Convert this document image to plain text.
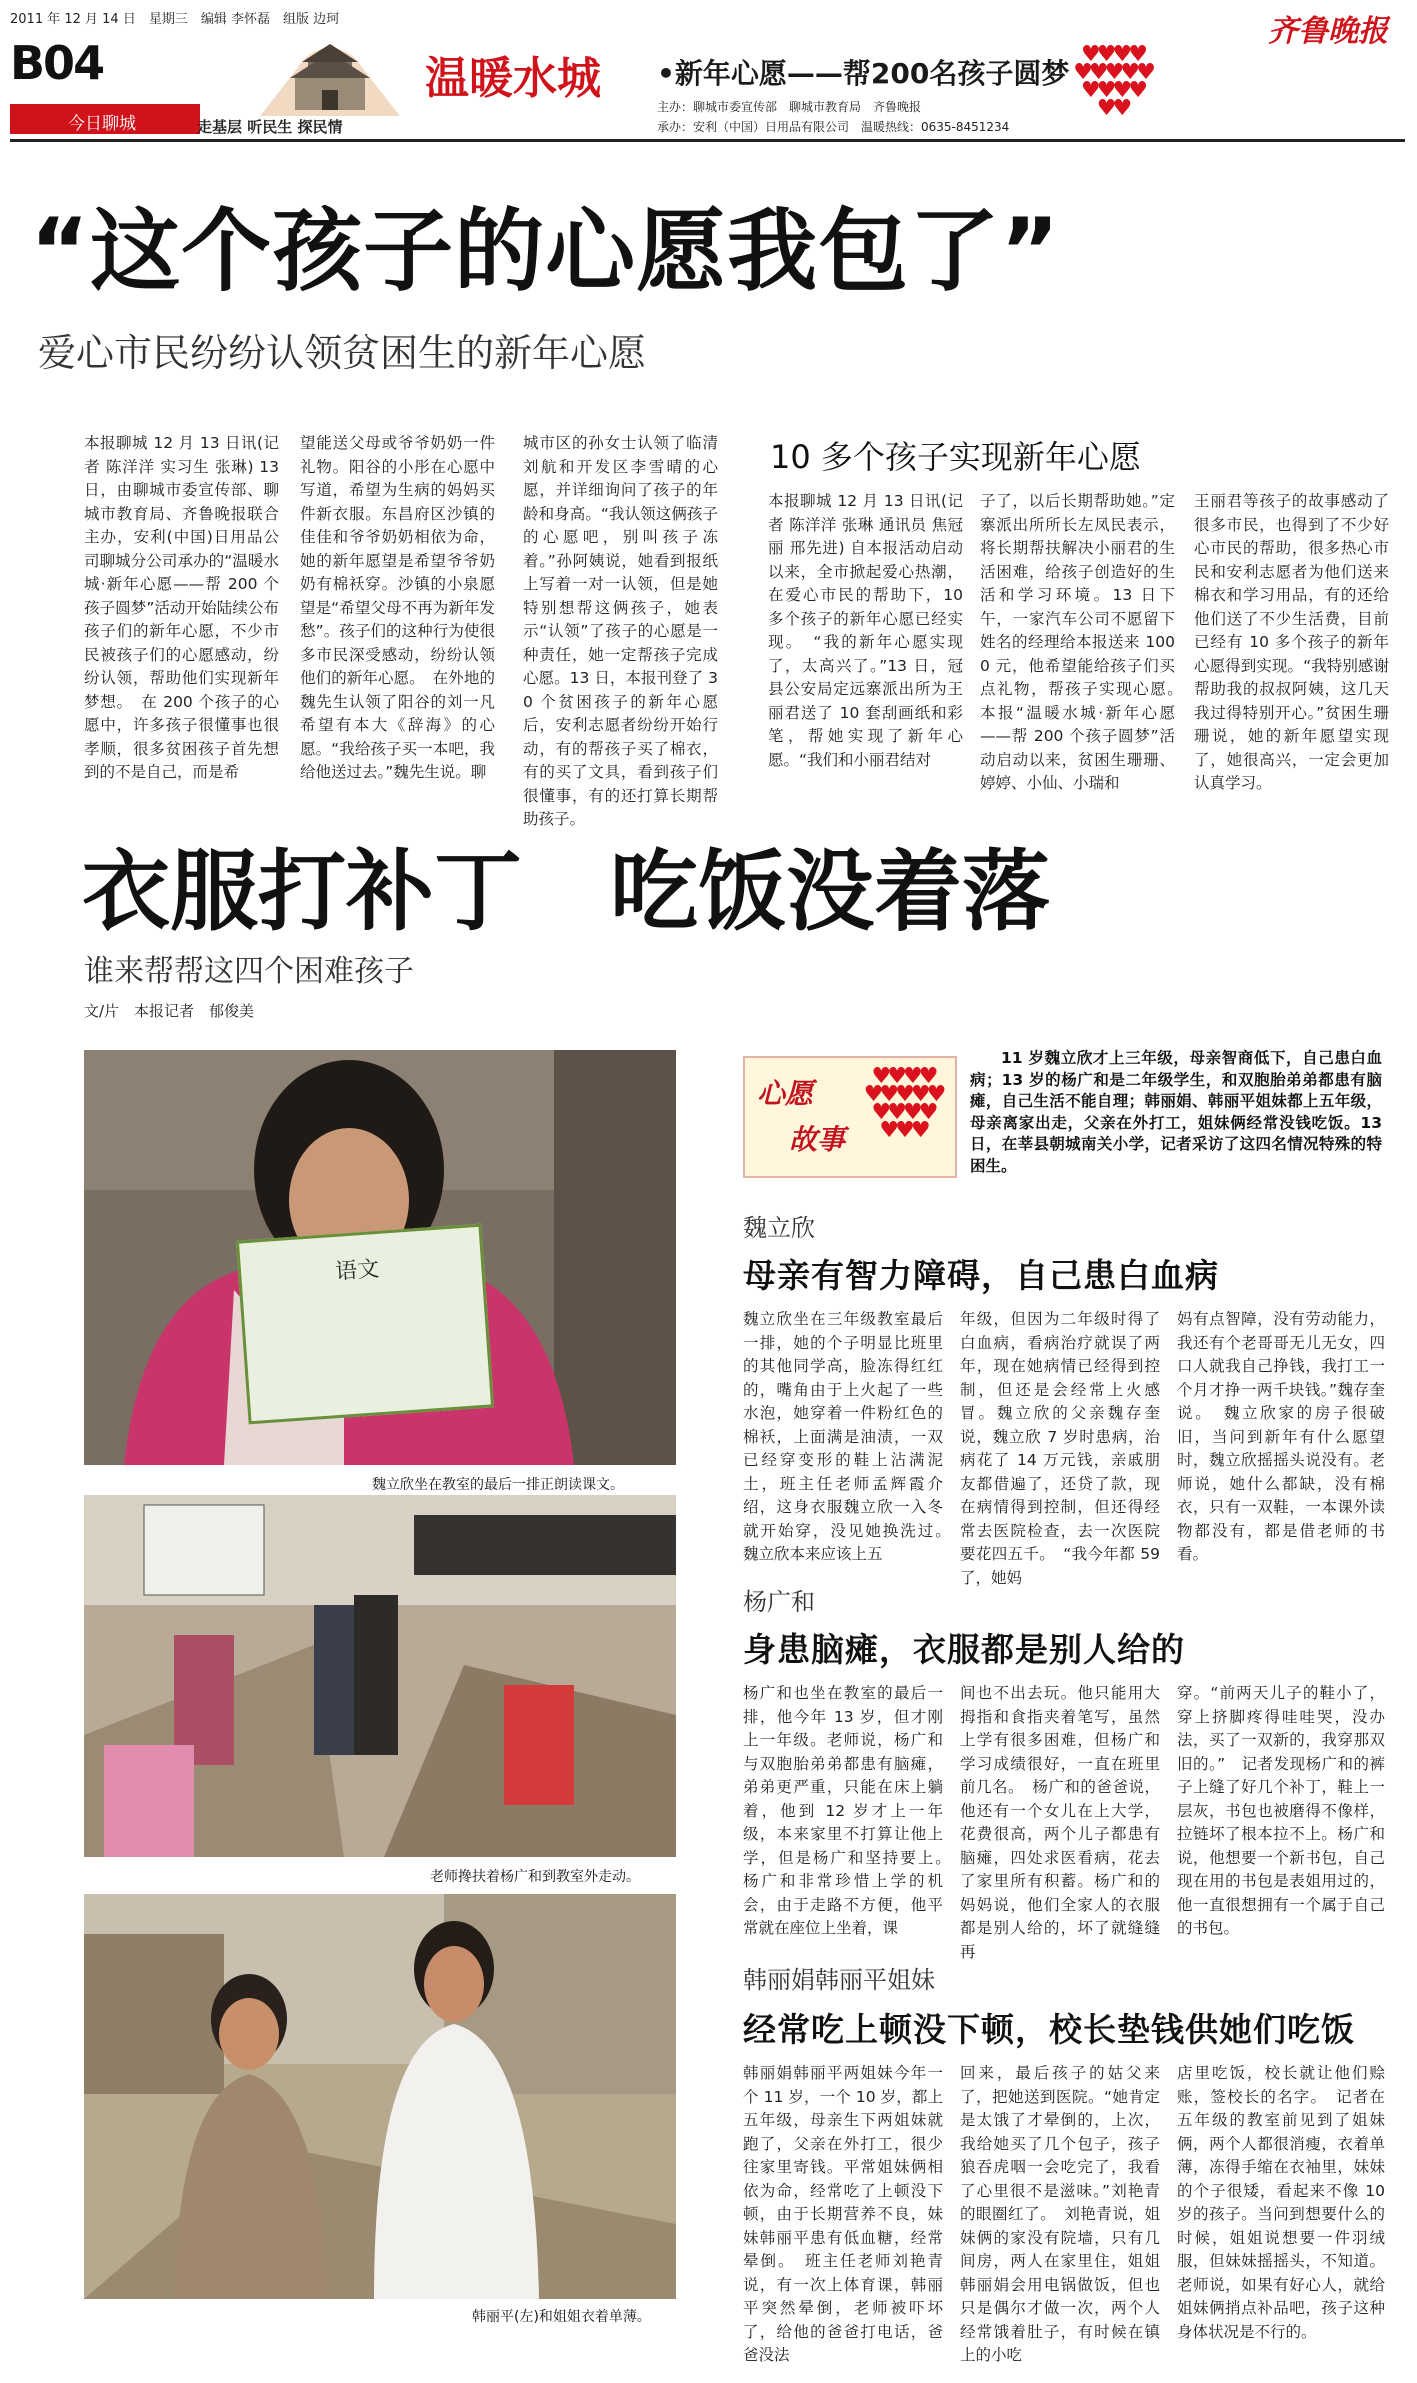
2011 年 12 月 14 日　星期三　编辑 李怀磊　组版 边珂	齐鲁晚报
B04
今日聊城	走基层 听民生 探民情
温暖水城 •新年心愿——帮200名孩子圆梦
主办：聊城市委宣传部　聊城市教育局　齐鲁晚报
承办：安利（中国）日用品有限公司　温暖热线：0635-8451234
♥♥♥♥
♥♥♥♥♥
♥♥♥♥
♥♥
“这个孩子的心愿我包了”
爱心市民纷纷认领贫困生的新年心愿
本报聊城 12 月 13 日讯(记者 陈洋洋 实习生 张琳) 13 日，由聊城市委宣传部、聊城市教育局、齐鲁晚报联合主办，安利(中国)日用品公司聊城分公司承办的“温暖水城·新年心愿——帮 200 个孩子圆梦”活动开始陆续公布孩子们的新年心愿，不少市民被孩子们的心愿感动，纷纷认领，帮助他们实现新年梦想。　在 200 个孩子的心愿中，许多孩子很懂事也很孝顺，很多贫困孩子首先想到的不是自己，而是希
望能送父母或爷爷奶奶一件礼物。阳谷的小彤在心愿中写道，希望为生病的妈妈买件新衣服。东昌府区沙镇的佳佳和爷爷奶奶相依为命，她的新年愿望是希望爷爷奶奶有棉袄穿。沙镇的小泉愿望是“希望父母不再为新年发愁”。孩子们的这种行为使很多市民深受感动，纷纷认领他们的新年心愿。　在外地的魏先生认领了阳谷的刘一凡希望有本大《辞海》的心愿。“我给孩子买一本吧，我给他送过去。”魏先生说。聊
城市区的孙女士认领了临清刘航和开发区李雪晴的心愿，并详细询问了孩子的年龄和身高。“我认领这俩孩子的心愿吧，别叫孩子冻着。”孙阿姨说，她看到报纸上写着一对一认领，但是她特别想帮这俩孩子，她表示“认领”了孩子的心愿是一种责任，她一定帮孩子完成心愿。13 日，本报刊登了 30 个贫困孩子的新年心愿后，安利志愿者纷纷开始行动，有的帮孩子买了棉衣，有的买了文具，看到孩子们很懂事，有的还打算长期帮助孩子。
10 多个孩子实现新年心愿
本报聊城 12 月 13 日讯(记者 陈洋洋 张琳 通讯员 焦冠丽 邢先进) 自本报活动启动以来，全市掀起爱心热潮，在爱心市民的帮助下，10 多个孩子的新年心愿已经实现。　“我的新年心愿实现了，太高兴了。”13 日，冠县公安局定远寨派出所为王丽君送了 10 套刮画纸和彩笔，帮她实现了新年心愿。“我们和小丽君结对
子了，以后长期帮助她。”定寨派出所所长左凤民表示，将长期帮扶解决小丽君的生活困难，给孩子创造好的生活和学习环境。13 日下午，一家汽车公司不愿留下姓名的经理给本报送来 1000 元，他希望能给孩子们买点礼物，帮孩子实现心愿。　本报“温暖水城·新年心愿——帮 200 个孩子圆梦”活动启动以来，贫困生珊珊、婷婷、小仙、小瑞和
王丽君等孩子的故事感动了很多市民，也得到了不少好心市民的帮助，很多热心市民和安利志愿者为他们送来棉衣和学习用品，有的还给他们送了不少生活费，目前已经有 10 多个孩子的新年心愿得到实现。“我特别感谢帮助我的叔叔阿姨，这几天我过得特别开心。”贫困生珊珊说，她的新年愿望实现了，她很高兴，一定会更加认真学习。
衣服打补丁　吃饭没着落
谁来帮帮这四个困难孩子
文/片　本报记者　郁俊美
语文
魏立欣坐在教室的最后一排正朗读课文。
老师搀扶着杨广和到教室外走动。
韩丽平(左)和姐姐衣着单薄。
心愿
故事
♥♥♥♥
♥♥♥♥♥
♥♥♥♥
♥♥♥
11 岁魏立欣才上三年级，母亲智商低下，自己患白血病；13 岁的杨广和是二年级学生，和双胞胎弟弟都患有脑瘫，自己生活不能自理；韩丽娟、韩丽平姐妹都上五年级，母亲离家出走，父亲在外打工，姐妹俩经常没钱吃饭。13 日，在莘县朝城南关小学，记者采访了这四名情况特殊的特困生。
魏立欣
母亲有智力障碍，自己患白血病
魏立欣坐在三年级教室最后一排，她的个子明显比班里的其他同学高，脸冻得红红的，嘴角由于上火起了一些水泡，她穿着一件粉红色的棉袄，上面满是油渍，一双已经穿变形的鞋上沾满泥土，班主任老师孟辉霞介绍，这身衣服魏立欣一入冬就开始穿，没见她换洗过。　魏立欣本来应该上五
年级，但因为二年级时得了白血病，看病治疗就误了两年，现在她病情已经得到控制，但还是会经常上火感冒。魏立欣的父亲魏存奎说，魏立欣 7 岁时患病，治病花了 14 万元钱，亲戚朋友都借遍了，还贷了款，现在病情得到控制，但还得经常去医院检查，去一次医院要花四五千。　“我今年都 59 了，她妈
妈有点智障，没有劳动能力，我还有个老哥哥无儿无女，四口人就我自己挣钱，我打工一个月才挣一两千块钱。”魏存奎说。　魏立欣家的房子很破旧，当问到新年有什么愿望时，魏立欣摇摇头说没有。老师说，她什么都缺，没有棉衣，只有一双鞋，一本课外读物都没有，都是借老师的书看。
杨广和
身患脑瘫，衣服都是别人给的
杨广和也坐在教室的最后一排，他今年 13 岁，但才刚上一年级。老师说，杨广和与双胞胎弟弟都患有脑瘫，弟弟更严重，只能在床上躺着，他到 12 岁才上一年级，本来家里不打算让他上学，但是杨广和坚持要上。　杨广和非常珍惜上学的机会，由于走路不方便，他平常就在座位上坐着，课
间也不出去玩。他只能用大拇指和食指夹着笔写，虽然上学有很多困难，但杨广和学习成绩很好，一直在班里前几名。　杨广和的爸爸说，他还有一个女儿在上大学，花费很高，两个儿子都患有脑瘫，四处求医看病，花去了家里所有积蓄。杨广和的妈妈说，他们全家人的衣服都是别人给的，坏了就缝缝再
穿。“前两天儿子的鞋小了，穿上挤脚疼得哇哇哭，没办法，买了一双新的，我穿那双旧的。”　记者发现杨广和的裤子上缝了好几个补丁，鞋上一层灰，书包也被磨得不像样，拉链坏了根本拉不上。杨广和说，他想要一个新书包，自己现在用的书包是表姐用过的，他一直很想拥有一个属于自己的书包。
韩丽娟韩丽平姐妹
经常吃上顿没下顿，校长垫钱供她们吃饭
韩丽娟韩丽平两姐妹今年一个 11 岁，一个 10 岁，都上五年级，母亲生下两姐妹就跑了，父亲在外打工，很少往家里寄钱。平常姐妹俩相依为命，经常吃了上顿没下顿，由于长期营养不良，妹妹韩丽平患有低血糖，经常晕倒。　班主任老师刘艳青说，有一次上体育课，韩丽平突然晕倒，老师被吓坏了，给他的爸爸打电话，爸爸没法
回来，最后孩子的姑父来了，把她送到医院。“她肯定是太饿了才晕倒的，上次，我给她买了几个包子，孩子狼吞虎咽一会吃完了，我看了心里很不是滋味。”刘艳青的眼圈红了。　刘艳青说，姐妹俩的家没有院墙，只有几间房，两人在家里住，姐姐韩丽娟会用电锅做饭，但也只是偶尔才做一次，两个人经常饿着肚子，有时候在镇上的小吃
店里吃饭，校长就让他们赊账，签校长的名字。　记者在五年级的教室前见到了姐妹俩，两个人都很消瘦，衣着单薄，冻得手缩在衣袖里，妹妹的个子很矮，看起来不像 10 岁的孩子。当问到想要什么的时候，姐姐说想要一件羽绒服，但妹妹摇摇头，不知道。老师说，如果有好心人，就给姐妹俩捎点补品吧，孩子这种身体状况是不行的。
